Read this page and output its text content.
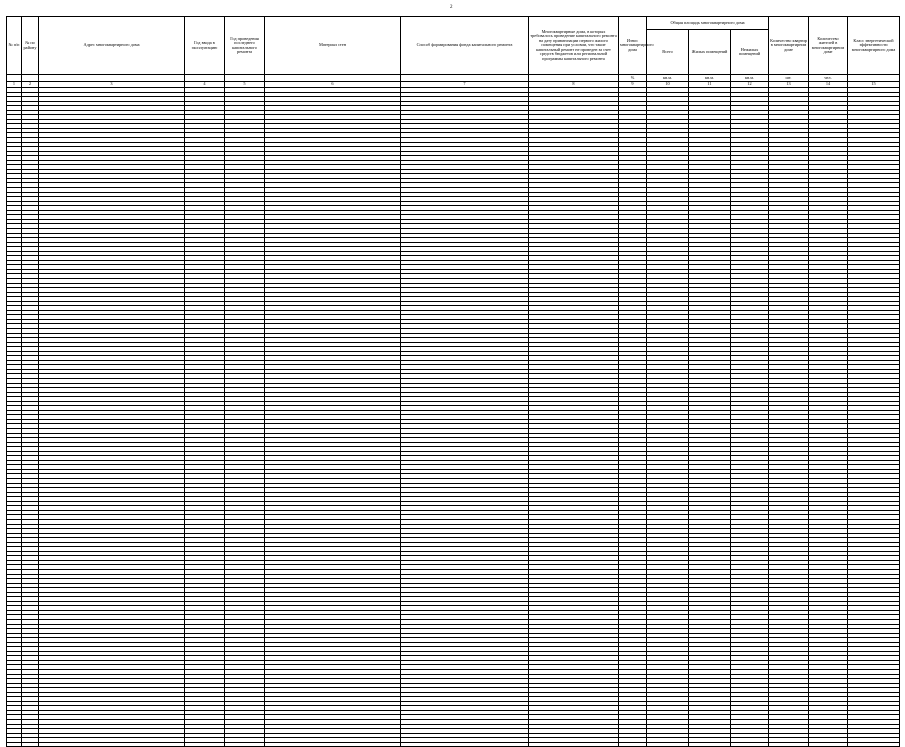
2
№ п/п	№ по району	Адрес многоквартирного дома	Год ввода в эксплуатацию	Год проведения последнего капитального ремонта	Материал стен	Способ формирования фонда капитального ремонта	Многоквартирные дома, в которых требовалось проведение капитального ремонта на дату приватизации первого жилого помещения при условии, что такие капитальный ремонт не проведен за счет средств бюджетов или региональной программы капитального ремонта	Износ многоквартирного дома	Общая площадь многоквартирного дома			Количество квартир в многоквартирном доме	Количество жителей в многоквартирном доме	Класс энергетической эффективности многоквартирного дома
									Всего	Жилых помещений	Нежилых помещений			
								%	кв.м.	кв.м.	кв.м.	шт.	чел.	
1	2	3	4	5	6	7	8	9	10	11	12	13	14	15
